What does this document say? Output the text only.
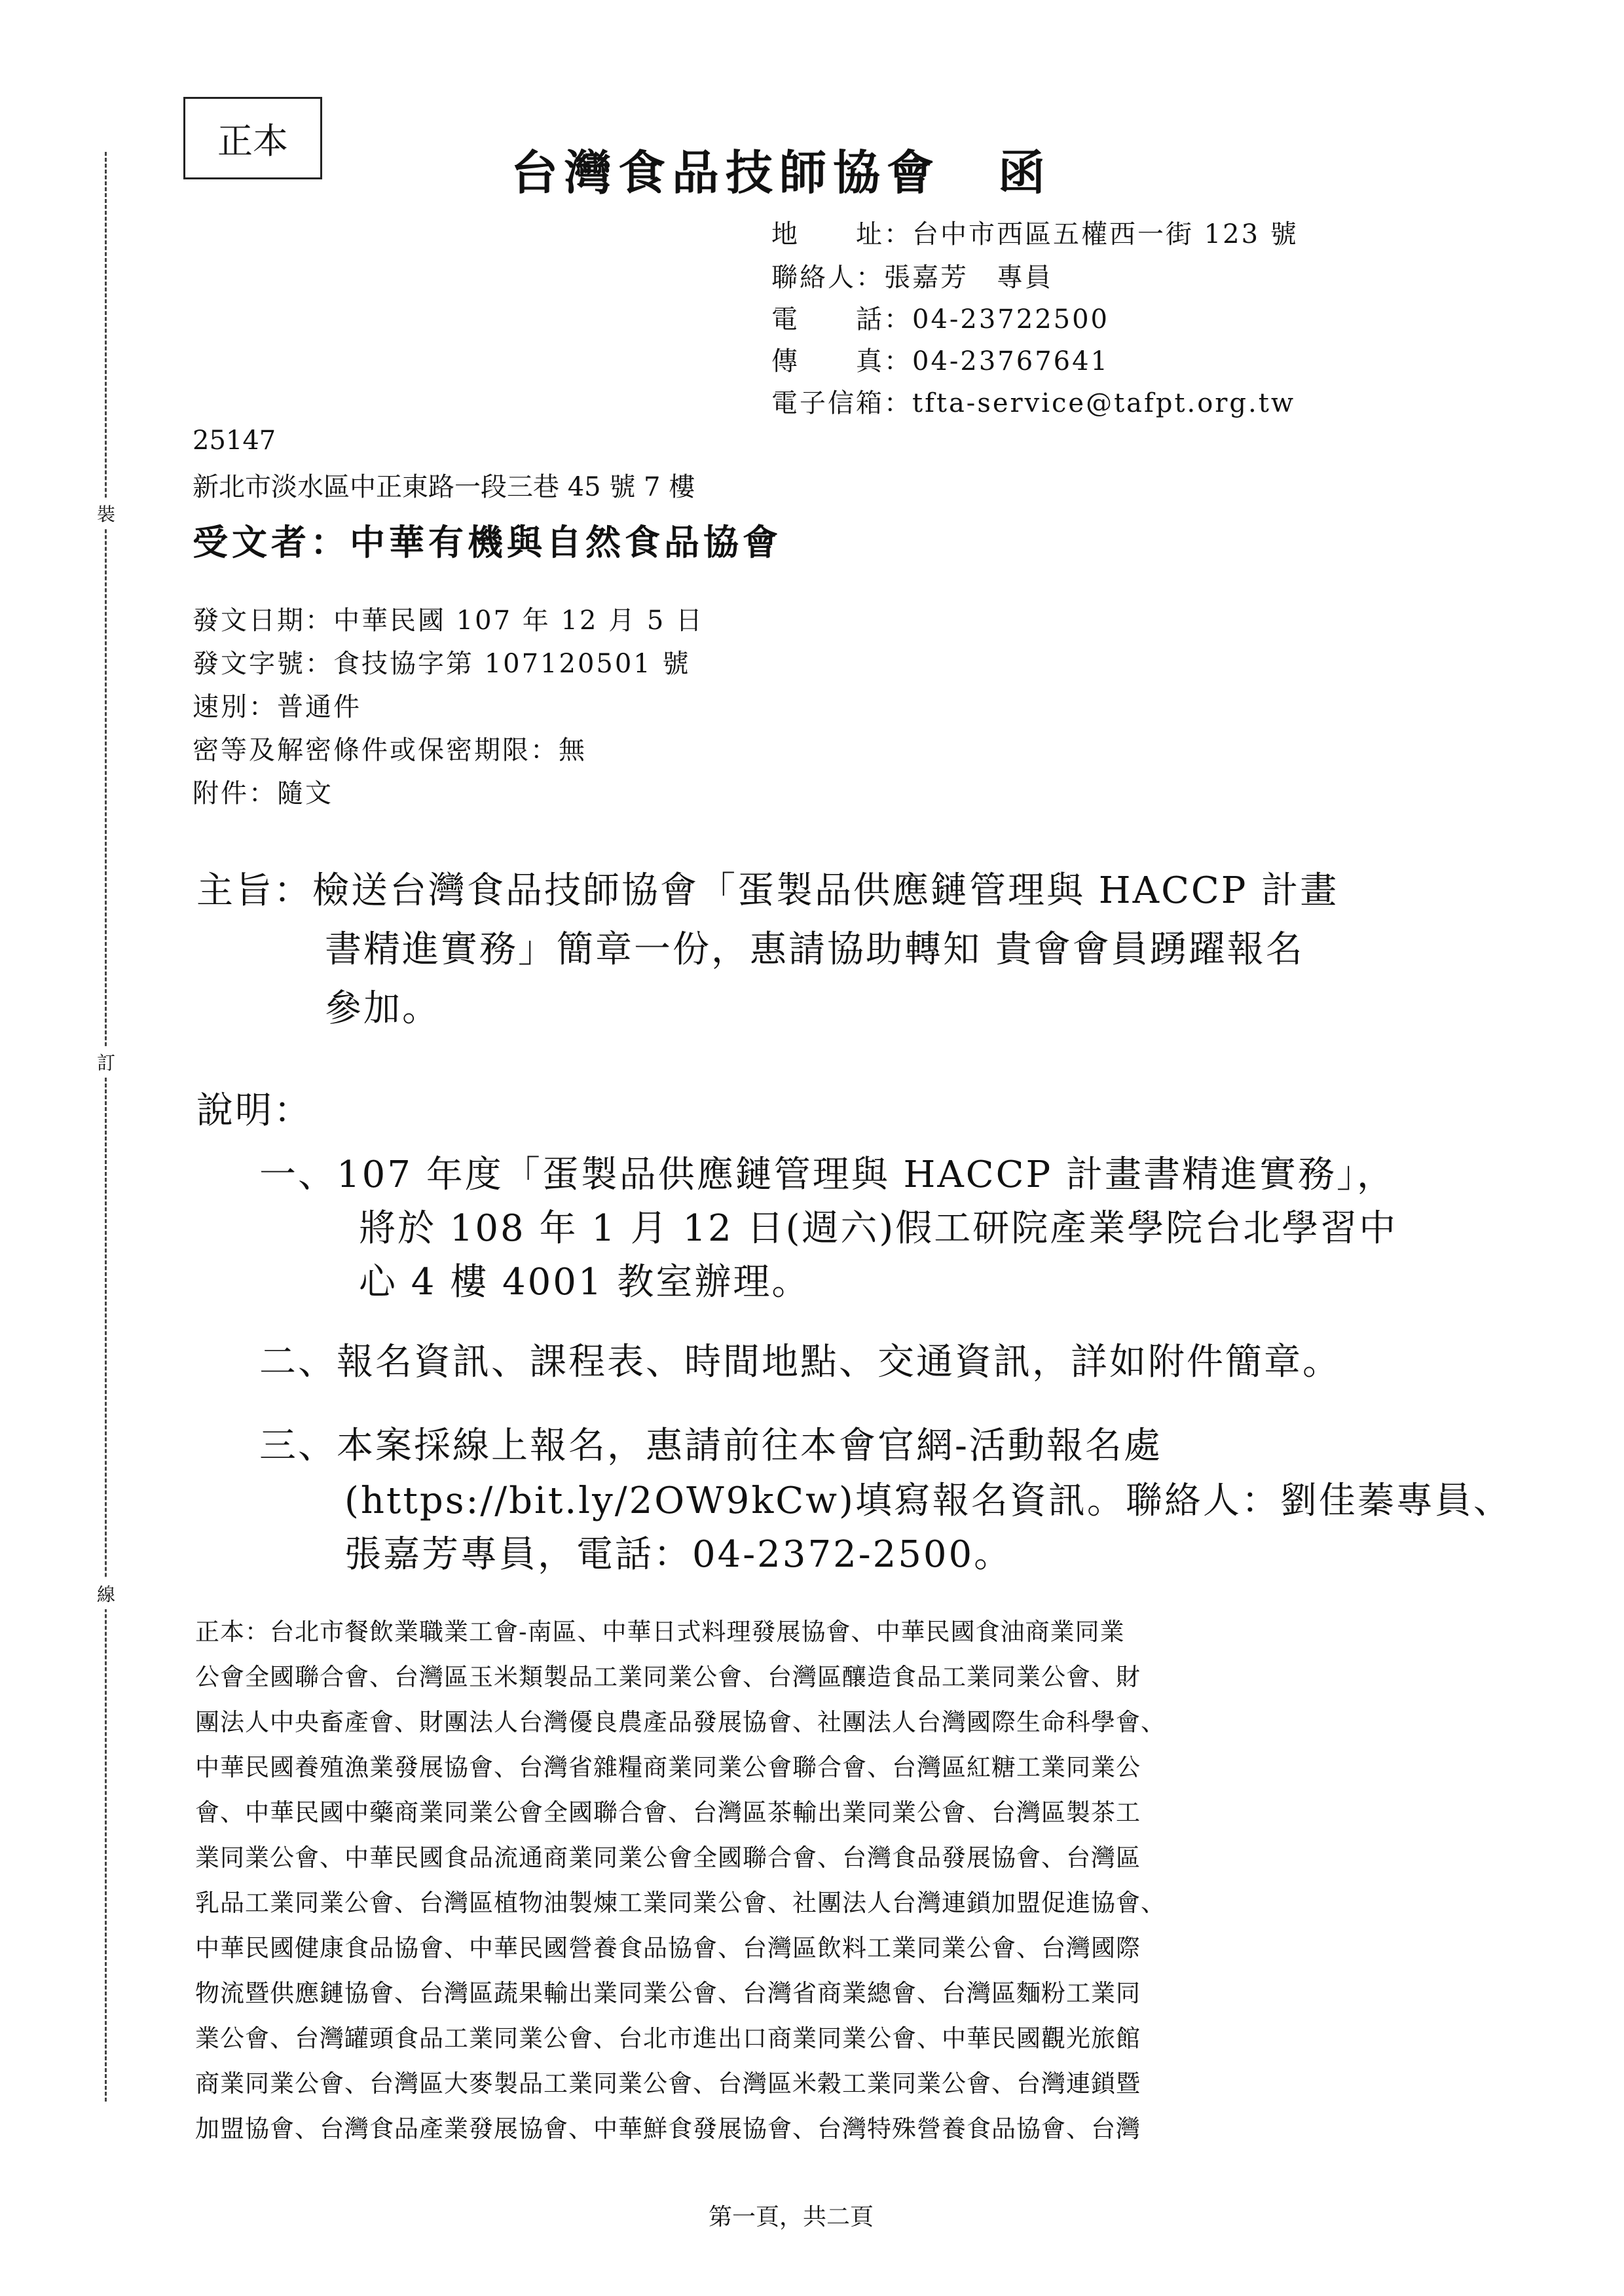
裝
訂
線
正本
台灣食品技師協會 函
地　　址：台中市西區五權西一街 123 號
聯絡人：張嘉芳　專員
電　　話：04-23722500
傳　　真：04-23767641
電子信箱：tfta-service@tafpt.org.tw
25147
新北市淡水區中正東路一段三巷 45 號 7 樓
受文者：中華有機與自然食品協會
發文日期：中華民國 107 年 12 月 5 日
發文字號：食技協字第 107120501 號
速別：普通件
密等及解密條件或保密期限：無
附件：隨文
主旨：檢送台灣食品技師協會「蛋製品供應鏈管理與 HACCP 計畫
書精進實務」簡章一份，惠請協助轉知 貴會會員踴躍報名
參加。
說明：
一、107 年度「蛋製品供應鏈管理與 HACCP 計畫書精進實務」，
將於 108 年 1 月 12 日(週六)假工研院產業學院台北學習中
心 4 樓 4001 教室辦理。
二、報名資訊、課程表、時間地點、交通資訊，詳如附件簡章。
三、本案採線上報名，惠請前往本會官網-活動報名處
(https://bit.ly/2OW9kCw)填寫報名資訊。聯絡人：劉佳蓁專員、
張嘉芳專員，電話：04-2372-2500。
正本：台北市餐飲業職業工會-南區、中華日式料理發展協會、中華民國食油商業同業
公會全國聯合會、台灣區玉米類製品工業同業公會、台灣區釀造食品工業同業公會、財
團法人中央畜產會、財團法人台灣優良農產品發展協會、社團法人台灣國際生命科學會、
中華民國養殖漁業發展協會、台灣省雜糧商業同業公會聯合會、台灣區紅糖工業同業公
會、中華民國中藥商業同業公會全國聯合會、台灣區茶輸出業同業公會、台灣區製茶工
業同業公會、中華民國食品流通商業同業公會全國聯合會、台灣食品發展協會、台灣區
乳品工業同業公會、台灣區植物油製煉工業同業公會、社團法人台灣連鎖加盟促進協會、
中華民國健康食品協會、中華民國營養食品協會、台灣區飲料工業同業公會、台灣國際
物流暨供應鏈協會、台灣區蔬果輸出業同業公會、台灣省商業總會、台灣區麵粉工業同
業公會、台灣罐頭食品工業同業公會、台北市進出口商業同業公會、中華民國觀光旅館
商業同業公會、台灣區大麥製品工業同業公會、台灣區米穀工業同業公會、台灣連鎖暨
加盟協會、台灣食品產業發展協會、中華鮮食發展協會、台灣特殊營養食品協會、台灣
第一頁，共二頁
